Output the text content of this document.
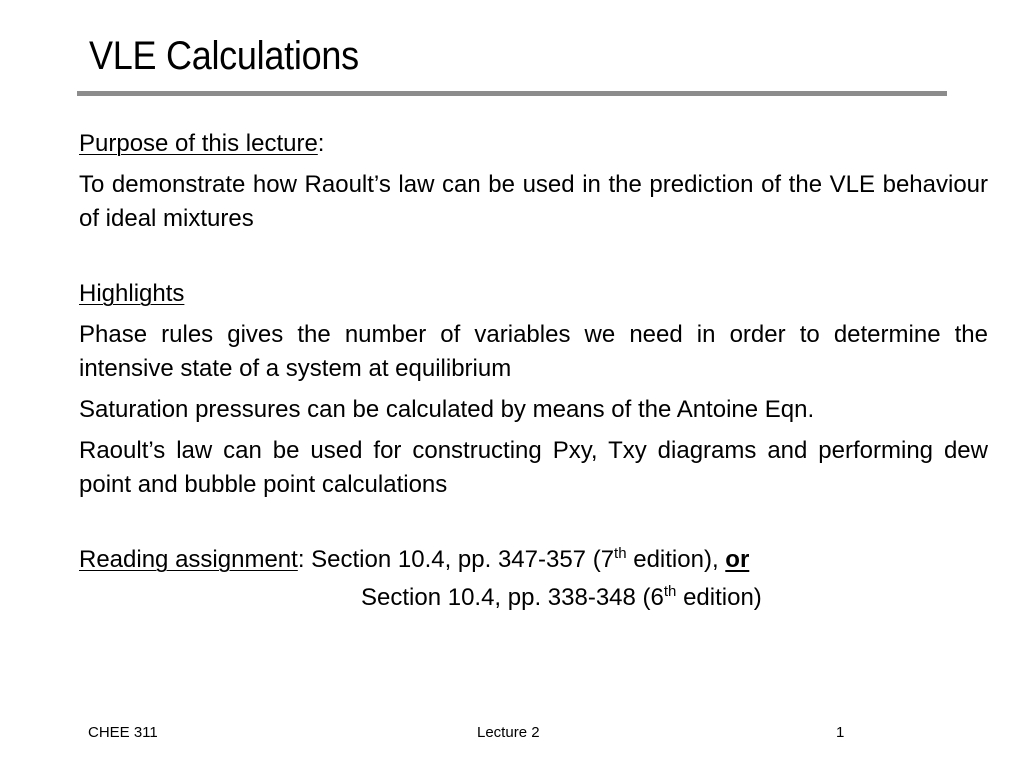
VLE Calculations

Purpose of this lecture:

To demonstrate how Raoult’s law can be used in the prediction of the VLE behaviour of ideal mixtures

Highlights

Phase rules gives the number of variables we need in order to determine the intensive state of a system at equilibrium

Saturation pressures can be calculated by means of the Antoine Eqn.

Raoult’s law can be used for constructing Pxy, Txy diagrams and performing dew point and bubble point calculations

Reading assignment: Section 10.4, pp. 347-357 (7th edition), or

Section 10.4, pp. 338-348 (6th edition)

CHEE 311	Lecture 2	1
